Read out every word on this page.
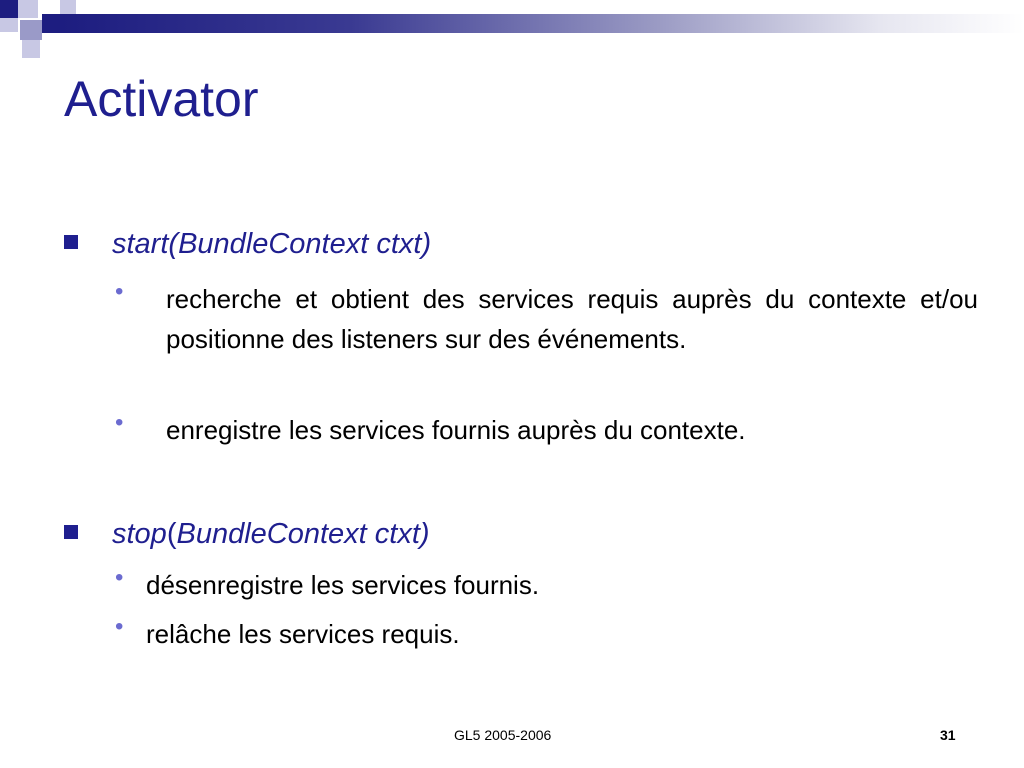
Activator
start(BundleContext ctxt)
• recherche et obtient des services requis auprès du contexte et/ou positionne des listeners sur des événements.
• enregistre les services fournis auprès du contexte.
stop(BundleContext ctxt)
• désenregistre les services fournis.
• relâche les services requis.
GL5 2005-2006	31
